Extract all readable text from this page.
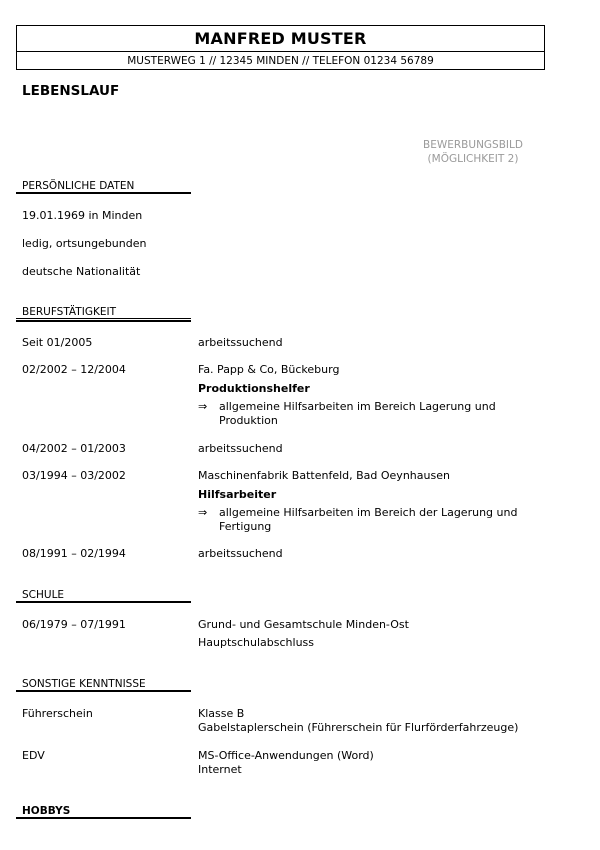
MANFRED MUSTER
MUSTERWEG 1 // 12345 MINDEN // TELEFON 01234 56789
LEBENSLAUF
BEWERBUNGSBILD
(MÖGLICHKEIT 2)
PERSÖNLICHE DATEN
19.01.1969 in Minden
ledig, ortsungebunden
deutsche Nationalität
BERUFSTÄTIGKEIT
Seit 01/2005	arbeitssuchend
02/2002 – 12/2004	Fa. Papp & Co, Bückeburg
Produktionshelfer
⇒ allgemeine Hilfsarbeiten im Bereich Lagerung und
Produktion
04/2002 – 01/2003	arbeitssuchend
03/1994 – 03/2002	Maschinenfabrik Battenfeld, Bad Oeynhausen
Hilfsarbeiter
⇒ allgemeine Hilfsarbeiten im Bereich der Lagerung und
Fertigung
08/1991 – 02/1994	arbeitssuchend
SCHULE
06/1979 – 07/1991	Grund- und Gesamtschule Minden-Ost
Hauptschulabschluss
SONSTIGE KENNTNISSE
Führerschein	Klasse B
Gabelstaplerschein (Führerschein für Flurförderfahrzeuge)
EDV	MS-Office-Anwendungen (Word)
Internet
HOBBYS
